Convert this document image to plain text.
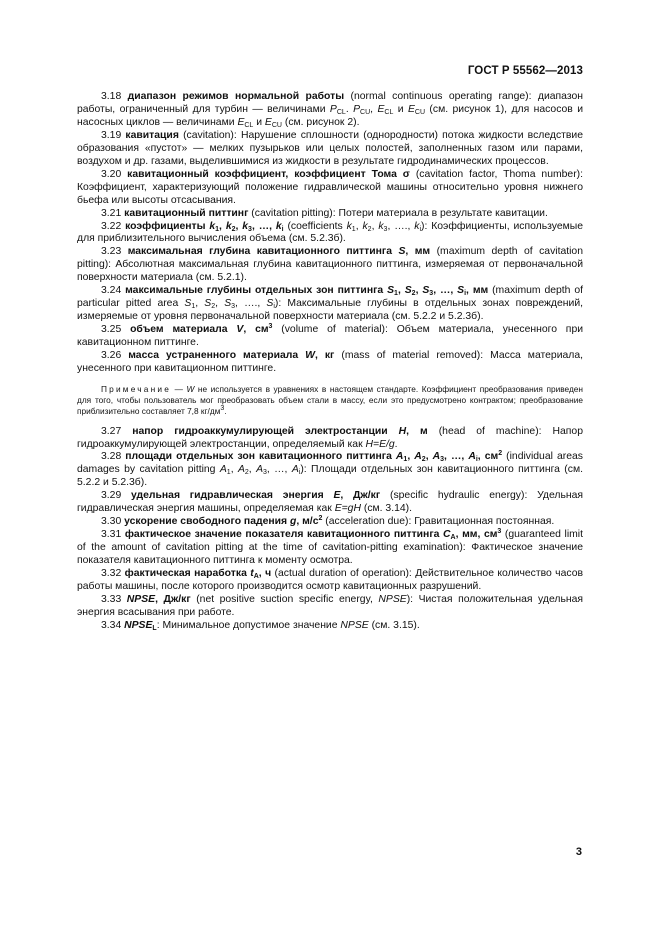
ГОСТ Р 55562—2013

3.18 диапазон режимов нормальной работы (normal continuous operating range): диапазон работы, ограниченный для турбин — величинами $P_{CL}$. $P_{CU}$, $E_{CL}$ и $E_{CU}$ (см. рисунок 1), для насосов и насосных циклов — величинами $E_{CL}$ и $E_{CU}$ (см. рисунок 2).

3.19 кавитация (cavitation): Нарушение сплошности (однородности) потока жидкости вследствие образования «пустот» — мелких пузырьков или целых полостей, заполненных газом или парами, воздухом и др. газами, выделившимися из жидкости в результате гидродинамических процессов.

3.20 кавитационный коэффициент, коэффициент Тома σ (cavitation factor, Thoma number): Коэффициент, характеризующий положение гидравлической машины относительно уровня нижнего бьефа или высоты отсасывания.

3.21 кавитационный питтинг (cavitation pitting): Потери материала в результате кавитации.

3.22 коэффициенты $k_1$, $k_2$, $k_3$, …, $k_i$ (coefficients $k_1$, $k_2$, $k_3$, …., $k_i$): Коэффициенты, используемые для приблизительного вычисления объема (см. 5.2.3б).

3.23 максимальная глубина кавитационного питтинга S, мм (maximum depth of cavitation pitting): Абсолютная максимальная глубина кавитационного питтинга, измеряемая от первоначальной поверхности материала (см. 5.2.1).

3.24 максимальные глубины отдельных зон питтинга $S_1$, $S_2$, $S_3$, …, $S_i$, мм (maximum depth of particular pitted area $S_1$, $S_2$, $S_3$, …., $S_i$): Максимальные глубины в отдельных зонах повреждений, измеряемые от уровня первоначальной поверхности материала (см. 5.2.2 и 5.2.3б).

3.25 объем материала V, $см^3$ (volume of material): Объем материала, унесенного при кавитационном питтинге.

3.26 масса устраненного материала W, кг (mass of material removed): Масса материала, унесенного при кавитационном питтинге.

Примечание — W не используется в уравнениях в настоящем стандарте. Коэффициент преобразования приведен для того, чтобы пользователь мог преобразовать объем стали в массу, если это предусмотрено контрактом; преобразование приблизительно составляет 7,8 $кг/дм^3$.

3.27 напор гидроаккумулирующей электростанции H, м (head of machine): Напор гидроаккумулирующей электростанции, определяемый как H=E/g.

3.28 площади отдельных зон кавитационного питтинга $A_1$, $A_2$, $A_3$, …, $A_i$, $см^2$ (individual areas damages by cavitation pitting $A_1$, $A_2$, $A_3$, …, $A_i$): Площади отдельных зон кавитационного питтинга (см. 5.2.2 и 5.2.3б).

3.29 удельная гидравлическая энергия E, Дж/кг (specific hydraulic energy): Удельная гидравлическая энергия машины, определяемая как E=gH (см. 3.14).

3.30 ускорение свободного падения g, $м/с^2$ (acceleration due): Гравитационная постоянная.

3.31 фактическое значение показателя кавитационного питтинга $C_A$, мм, $см^3$ (guaranteed limit of the amount of cavitation pitting at the time of cavitation-pitting examination): Фактическое значение показателя кавитационного питтинга к моменту осмотра.

3.32 фактическая наработка $t_A$, ч (actual duration of operation): Действительное количество часов работы машины, после которого производится осмотр кавитационных разрушений.

3.33 NPSE, Дж/кг (net positive suction specific energy, NPSE): Чистая положительная удельная энергия всасывания при работе.

3.34 $NPSE_L$: Минимальное допустимое значение NPSE (см. 3.15).

3
